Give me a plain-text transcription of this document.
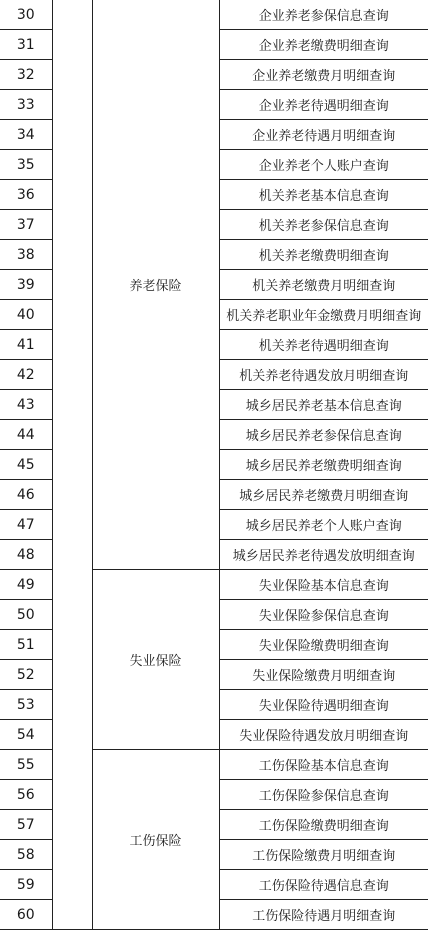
30		养老保险	企业养老参保信息查询
31			企业养老缴费明细查询
32			企业养老缴费月明细查询
33			企业养老待遇明细查询
34			企业养老待遇月明细查询
35			企业养老个人账户查询
36			机关养老基本信息查询
37			机关养老参保信息查询
38			机关养老缴费明细查询
39			机关养老缴费月明细查询
40			机关养老职业年金缴费月明细查询
41			机关养老待遇明细查询
42			机关养老待遇发放月明细查询
43			城乡居民养老基本信息查询
44			城乡居民养老参保信息查询
45			城乡居民养老缴费明细查询
46			城乡居民养老缴费月明细查询
47			城乡居民养老个人账户查询
48			城乡居民养老待遇发放明细查询
49		失业保险	失业保险基本信息查询
50			失业保险参保信息查询
51			失业保险缴费明细查询
52			失业保险缴费月明细查询
53			失业保险待遇明细查询
54			失业保险待遇发放月明细查询
55		工伤保险	工伤保险基本信息查询
56			工伤保险参保信息查询
57			工伤保险缴费明细查询
58			工伤保险缴费月明细查询
59			工伤保险待遇信息查询
60			工伤保险待遇月明细查询
